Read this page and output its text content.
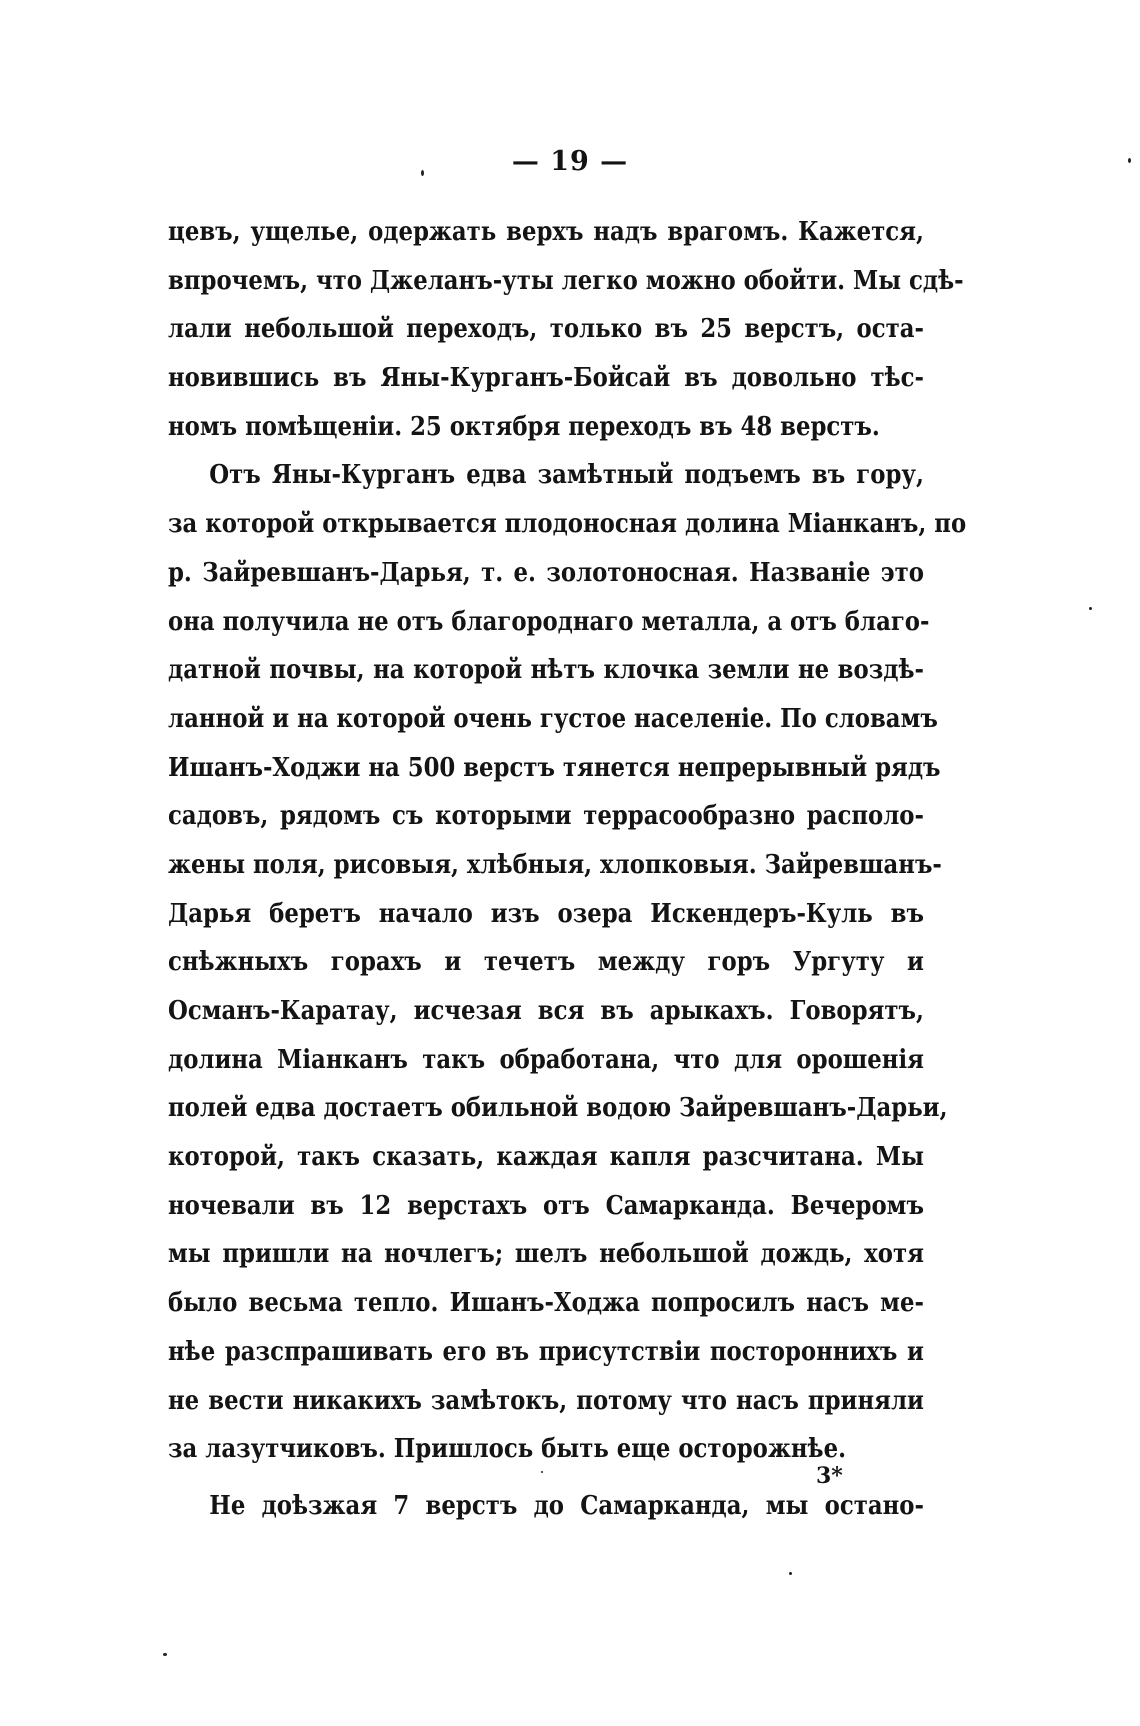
— 19 —
цевъ, ущелье, одержать верхъ надъ врагомъ. Кажется,
впрочемъ, что Джеланъ-уты легко можно обойти. Мы сдѣ-
лали небольшой переходъ, только въ 25 верстъ, оста-
новившись въ Яны-Курганъ-Бойсай въ довольно тѣс-
номъ помѣщеніи. 25 октября переходъ въ 48 верстъ.
Отъ Яны-Курганъ едва замѣтный подъемъ въ гору,
за которой открывается плодоносная долина Міанканъ, по
р. Зайревшанъ-Дарья, т. е. золотоносная. Названіе это
она получила не отъ благороднаго металла, а отъ благо-
датной почвы, на которой нѣтъ клочка земли не воздѣ-
ланной и на которой очень густое населеніе. По словамъ
Ишанъ-Ходжи на 500 верстъ тянется непрерывный рядъ
садовъ, рядомъ съ которыми террасообразно располо-
жены поля, рисовыя, хлѣбныя, хлопковыя. Зайревшанъ-
Дарья беретъ начало изъ озера Искендеръ-Куль въ
снѣжныхъ горахъ и течетъ между горъ Ургуту и
Османъ-Каратау, исчезая вся въ арыкахъ. Говорятъ,
долина Міанканъ такъ обработана, что для орошенія
полей едва достаетъ обильной водою Зайревшанъ-Дарьи,
которой, такъ сказать, каждая капля разсчитана. Мы
ночевали въ 12 верстахъ отъ Самарканда. Вечеромъ
мы пришли на ночлегъ; шелъ небольшой дождь, хотя
было весьма тепло. Ишанъ-Ходжа попросилъ насъ ме-
нѣе разспрашивать его въ присутствіи постороннихъ и
не вести никакихъ замѣтокъ, потому что насъ приняли
за лазутчиковъ. Пришлось быть еще осторожнѣе.
Не доѣзжая 7 верстъ до Самарканда, мы остано-
3*
